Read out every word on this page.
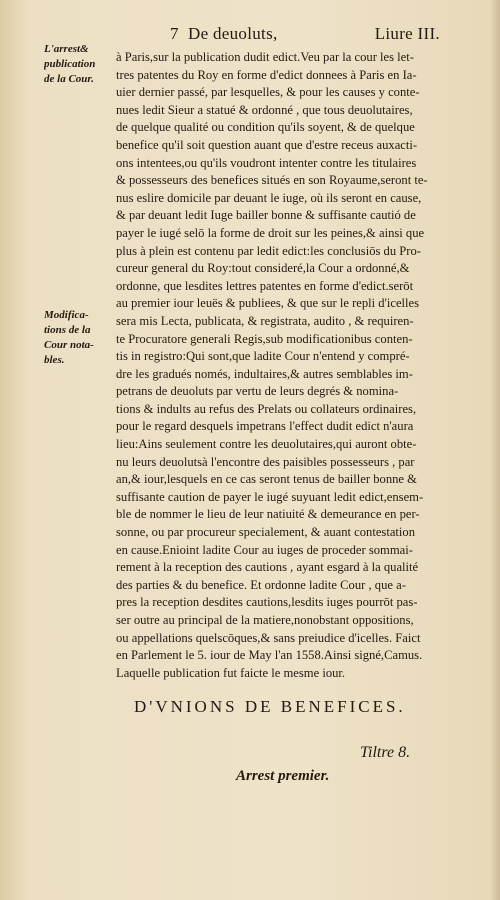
7 De deuoluts,	Liure III.
L'arrest&
publication
de la Cour.
Modifica-
tions de la
Cour nota-
bles.
à Paris,sur la publication dudit edict.Veu par la cour les let-
tres patentes du Roy en forme d'edict donnees à Paris en Ia-
uier dernier passé, par lesquelles, & pour les causes y conte-
nues ledit Sieur a statué & ordonné , que tous deuolutaires,
de quelque qualité ou condition qu'ils soyent, & de quelque
benefice qu'il soit question auant que d'estre receus auxacti-
ons intentees,ou qu'ils voudront intenter contre les titulaires
& possesseurs des benefices situés en son Royaume,seront te-
nus eslire domicile par deuant le iuge, où ils seront en cause,
& par deuant ledit Iuge bailler bonne & suffisante cautió de
payer le iugé selō la forme de droit sur les peines,& ainsi que
plus à plein est contenu par ledit edict:les conclusiōs du Pro-
cureur general du Roy:tout consideré,la Cour a ordonné,&
ordonne, que lesdites lettres patentes en forme d'edict.serōt
au premier iour leuës & publiees, & que sur le repli d'icelles
sera mis Lecta, publicata, & registrata, audito , & requiren-
te Procuratore generali Regis,sub modificationibus conten-
tis in registro:Qui sont,que ladite Cour n'entend y compré-
dre les gradués només, indultaires,& autres semblables im-
petrans de deuoluts par vertu de leurs degrés & nomina-
tions & indults au refus des Prelats ou collateurs ordinaires,
pour le regard desquels impetrans l'effect dudit edict n'aura
lieu:Ains seulement contre les deuolutaires,qui auront obte-
nu leurs deuolutsà l'encontre des paisibles possesseurs , par
an,& iour,lesquels en ce cas seront tenus de bailler bonne &
suffisante caution de payer le iugé suyuant ledit edict,ensem-
ble de nommer le lieu de leur natiuité & demeurance en per-
sonne, ou par procureur specialement, & auant contestation
en cause.Enioint ladite Cour au iuges de proceder sommai-
rement à la reception des cautions , ayant esgard à la qualité
des parties & du benefice. Et ordonne ladite Cour , que a-
pres la reception desdites cautions,lesdits iuges pourrōt pas-
ser outre au principal de la matiere,nonobstant oppositions,
ou appellations quelscōques,& sans preiudice d'icelles. Faict
en Parlement le 5. iour de May l'an 1558.Ainsi signé,Camus.
Laquelle publication fut faicte le mesme iour.
D'VNIONS DE BENEFICES.
Tiltre 8.
Arrest premier.
